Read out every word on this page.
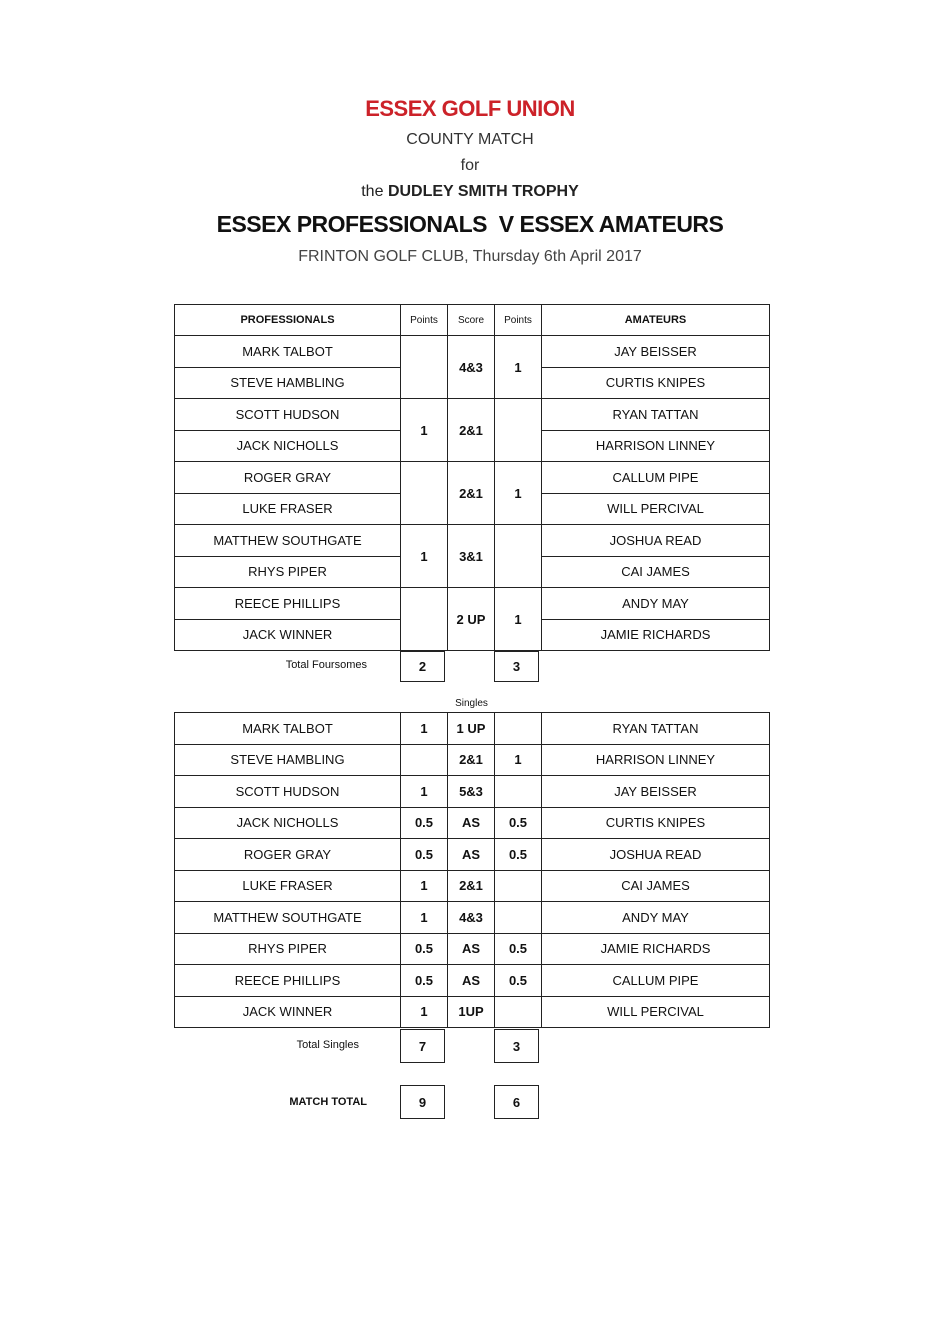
ESSEX GOLF UNION
COUNTY MATCH
for
the DUDLEY SMITH TROPHY
ESSEX PROFESSIONALS  V ESSEX AMATEURS
FRINTON GOLF CLUB, Thursday 6th April 2017
PROFESSIONALS	Points	Score	Points	AMATEURS
MARK TALBOT		4&3	1	JAY BEISSER
STEVE HAMBLING				CURTIS KNIPES
SCOTT HUDSON	1	2&1		RYAN TATTAN
JACK NICHOLLS				HARRISON LINNEY
ROGER GRAY		2&1	1	CALLUM PIPE
LUKE FRASER				WILL PERCIVAL
MATTHEW SOUTHGATE	1	3&1		JOSHUA READ
RHYS PIPER				CAI JAMES
REECE PHILLIPS		2 UP	1	ANDY MAY
JACK WINNER				JAMIE RICHARDS
Total Foursomes	2	3
Singles
MARK TALBOT	1	1 UP		RYAN TATTAN
STEVE HAMBLING		2&1	1	HARRISON LINNEY
SCOTT HUDSON	1	5&3		JAY BEISSER
JACK NICHOLLS	0.5	AS	0.5	CURTIS KNIPES
ROGER GRAY	0.5	AS	0.5	JOSHUA READ
LUKE FRASER	1	2&1		CAI JAMES
MATTHEW SOUTHGATE	1	4&3		ANDY MAY
RHYS PIPER	0.5	AS	0.5	JAMIE RICHARDS
REECE PHILLIPS	0.5	AS	0.5	CALLUM PIPE
JACK WINNER	1	1UP		WILL PERCIVAL
Total Singles	7	3
MATCH TOTAL	9	6
